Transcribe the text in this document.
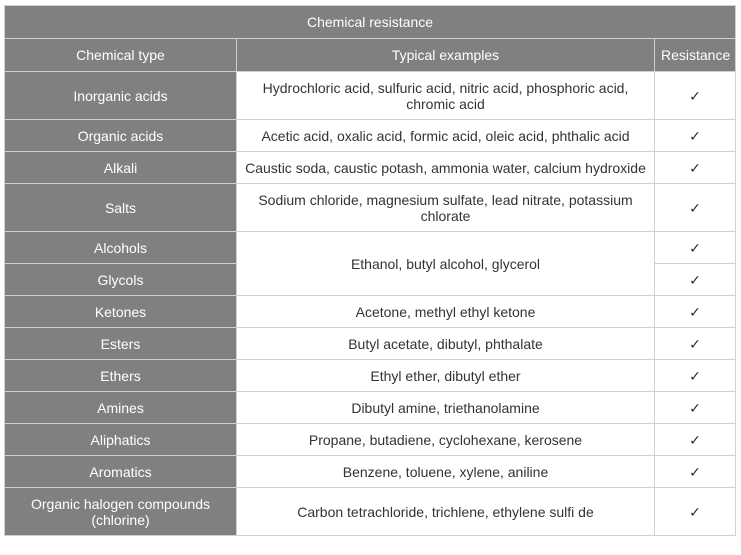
Chemical resistance		
Chemical type	Typical examples	Resistance
Inorganic acids	Hydrochloric acid, sulfuric acid, nitric acid, phosphoric acid, chromic acid	✓
Organic acids	Acetic acid, oxalic acid, formic acid, oleic acid, phthalic acid	✓
Alkali	Caustic soda, caustic potash, ammonia water, calcium hydroxide	✓
Salts	Sodium chloride, magnesium sulfate, lead nitrate, potassium chlorate	✓
Alcohols	Ethanol, butyl alcohol, glycerol	✓
Glycols		✓
Ketones	Acetone, methyl ethyl ketone	✓
Esters	Butyl acetate, dibutyl, phthalate	✓
Ethers	Ethyl ether, dibutyl ether	✓
Amines	Dibutyl amine, triethanolamine	✓
Aliphatics	Propane, butadiene, cyclohexane, kerosene	✓
Aromatics	Benzene, toluene, xylene, aniline	✓
Organic halogen compounds (chlorine)	Carbon tetrachloride, trichlene, ethylene sulfi de	✓
